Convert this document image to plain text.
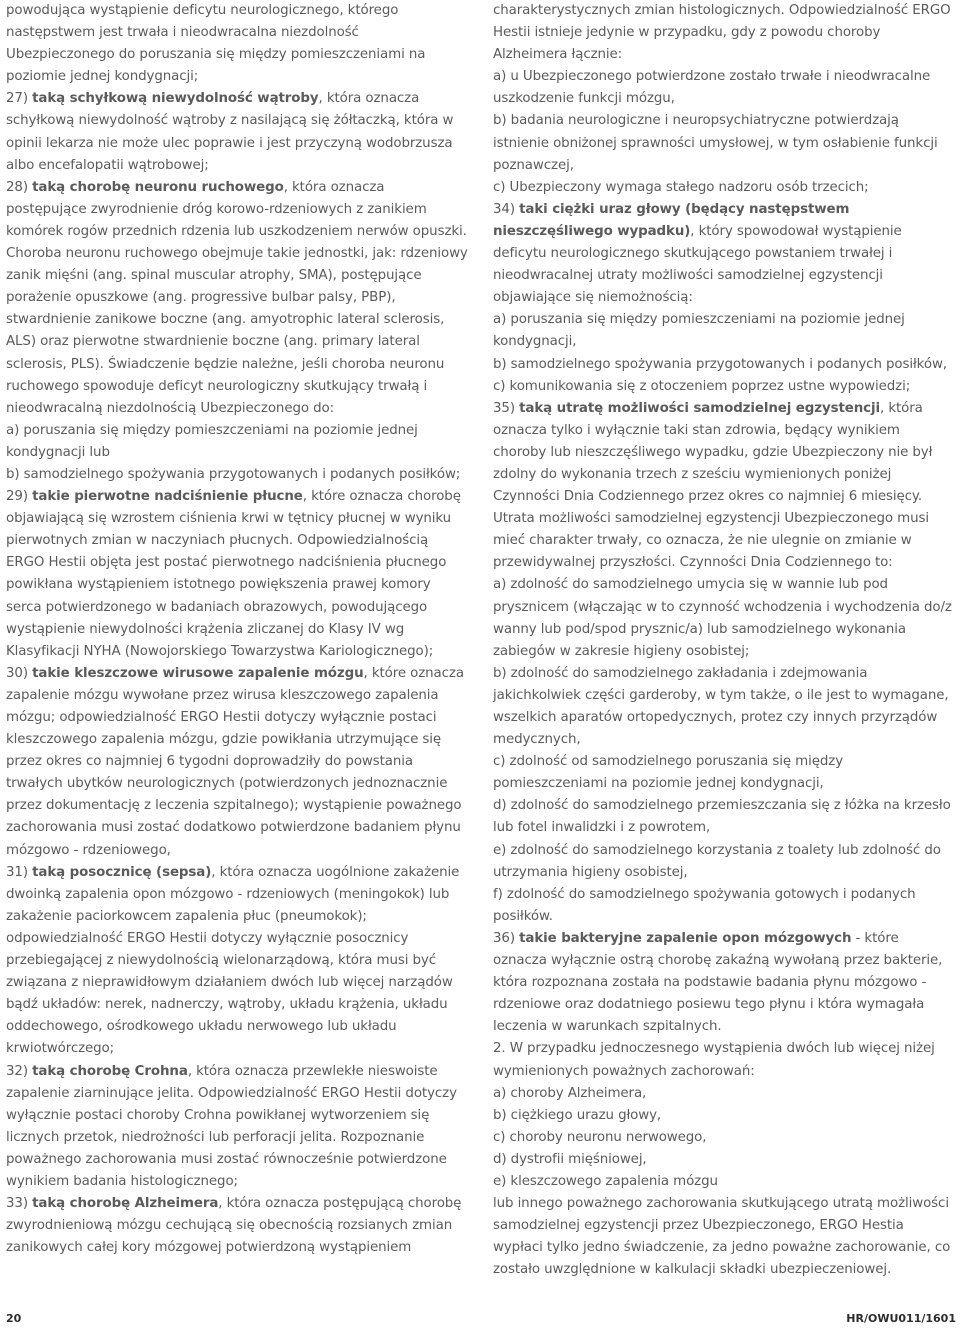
powodująca wystąpienie deficytu neurologicznego, którego następstwem jest trwała i nieodwracalna niezdolność Ubezpieczonego do poruszania się między pomieszczeniami na poziomie jednej kondygnacji;

27) taką schyłkową niewydolność wątroby, która oznacza schyłkową niewydolność wątroby z nasilającą się żółtaczką, która w opinii lekarza nie może ulec poprawie i jest przyczyną wodobrzusza albo encefalopatii wątrobowej;

28) taką chorobę neuronu ruchowego, która oznacza postępujące zwyrodnienie dróg korowo-rdzeniowych z zanikiem komórek rogów przednich rdzenia lub uszkodzeniem nerwów opuszki. Choroba neuronu ruchowego obejmuje takie jednostki, jak: rdzeniowy zanik mięśni (ang. spinal muscular atrophy, SMA), postępujące porażenie opuszkowe (ang. progressive bulbar palsy, PBP), stwardnienie zanikowe boczne (ang. amyotrophic lateral sclerosis, ALS) oraz pierwotne stwardnienie boczne (ang. primary lateral sclerosis, PLS). Świadczenie będzie należne, jeśli choroba neuronu ruchowego spowoduje deficyt neurologiczny skutkujący trwałą i nieodwracalną niezdolnością Ubezpieczonego do:

a) poruszania się między pomieszczeniami na poziomie jednej kondygnacji lub

b) samodzielnego spożywania przygotowanych i podanych posiłków;

29) takie pierwotne nadciśnienie płucne, które oznacza chorobę objawiającą się wzrostem ciśnienia krwi w tętnicy płucnej w wyniku pierwotnych zmian w naczyniach płucnych. Odpowiedzialnością ERGO Hestii objęta jest postać pierwotnego nadciśnienia płucnego powikłana wystąpieniem istotnego powiększenia prawej komory serca potwierdzonego w badaniach obrazowych, powodującego wystąpienie niewydolności krążenia zliczanej do Klasy IV wg Klasyfikacji NYHA (Nowojorskiego Towarzystwa Kariologicznego);

30) takie kleszczowe wirusowe zapalenie mózgu, które oznacza zapalenie mózgu wywołane przez wirusa kleszczowego zapalenia mózgu; odpowiedzialność ERGO Hestii dotyczy wyłącznie postaci kleszczowego zapalenia mózgu, gdzie powikłania utrzymujące się przez okres co najmniej 6 tygodni doprowadziły do powstania trwałych ubytków neurologicznych (potwierdzonych jednoznacznie przez dokumentację z leczenia szpitalnego); wystąpienie poważnego zachorowania musi zostać dodatkowo potwierdzone badaniem płynu mózgowo - rdzeniowego,

31) taką posocznicę (sepsa), która oznacza uogólnione zakażenie dwoinką zapalenia opon mózgowo - rdzeniowych (meningokok) lub zakażenie paciorkowcem zapalenia płuc (pneumokok); odpowiedzialność ERGO Hestii dotyczy wyłącznie posocznicy przebiegającej z niewydolnością wielonarządową, która musi być związana z nieprawidłowym działaniem dwóch lub więcej narządów bądź układów: nerek, nadnerczy, wątroby, układu krążenia, układu oddechowego, ośrodkowego układu nerwowego lub układu krwiotwórczego;

32) taką chorobę Crohna, która oznacza przewlekłe nieswoiste zapalenie ziarninujące jelita. Odpowiedzialność ERGO Hestii dotyczy wyłącznie postaci choroby Crohna powikłanej wytworzeniem się licznych przetok, niedrożności lub perforacji jelita. Rozpoznanie poważnego zachorowania musi zostać równocześnie potwierdzone wynikiem badania histologicznego;

33) taką chorobę Alzheimera, która oznacza postępującą chorobę zwyrodnieniową mózgu cechującą się obecnością rozsianych zmian zanikowych całej kory mózgowej potwierdzoną wystąpieniem

charakterystycznych zmian histologicznych. Odpowiedzialność ERGO Hestii istnieje jedynie w przypadku, gdy z powodu choroby Alzheimera łącznie:

a) u Ubezpieczonego potwierdzone zostało trwałe i nieodwracalne uszkodzenie funkcji mózgu,

b) badania neurologiczne i neuropsychiatryczne potwierdzają istnienie obniżonej sprawności umysłowej, w tym osłabienie funkcji poznawczej,

c) Ubezpieczony wymaga stałego nadzoru osób trzecich;

34) taki ciężki uraz głowy (będący następstwem nieszczęśliwego wypadku), który spowodował wystąpienie deficytu neurologicznego skutkującego powstaniem trwałej i nieodwracalnej utraty możliwości samodzielnej egzystencji objawiające się niemożnością:

a) poruszania się między pomieszczeniami na poziomie jednej kondygnacji,

b) samodzielnego spożywania przygotowanych i podanych posiłków,

c) komunikowania się z otoczeniem poprzez ustne wypowiedzi;

35) taką utratę możliwości samodzielnej egzystencji, która oznacza tylko i wyłącznie taki stan zdrowia, będący wynikiem choroby lub nieszczęśliwego wypadku, gdzie Ubezpieczony nie był zdolny do wykonania trzech z sześciu wymienionych poniżej Czynności Dnia Codziennego przez okres co najmniej 6 miesięcy. Utrata możliwości samodzielnej egzystencji Ubezpieczonego musi mieć charakter trwały, co oznacza, że nie ulegnie on zmianie w przewidywalnej przyszłości. Czynności Dnia Codziennego to:

a) zdolność do samodzielnego umycia się w wannie lub pod prysznicem (włączając w to czynność wchodzenia i wychodzenia do/z wanny lub pod/spod prysznic/a) lub samodzielnego wykonania zabiegów w zakresie higieny osobistej;

b) zdolność do samodzielnego zakładania i zdejmowania jakichkolwiek części garderoby, w tym także, o ile jest to wymagane, wszelkich aparatów ortopedycznych, protez czy innych przyrządów medycznych,

c) zdolność od samodzielnego poruszania się między pomieszczeniami na poziomie jednej kondygnacji,

d) zdolność do samodzielnego przemieszczania się z łóżka na krzesło lub fotel inwalidzki i z powrotem,

e) zdolność do samodzielnego korzystania z toalety lub zdolność do utrzymania higieny osobistej,

f) zdolność do samodzielnego spożywania gotowych i podanych posiłków.

36) takie bakteryjne zapalenie opon mózgowych - które oznacza wyłącznie ostrą chorobę zakaźną wywołaną przez bakterie, która rozpoznana została na podstawie badania płynu mózgowo - rdzeniowe oraz dodatniego posiewu tego płynu i która wymagała leczenia w warunkach szpitalnych.

2. W przypadku jednoczesnego wystąpienia dwóch lub więcej niżej wymienionych poważnych zachorowań:

a) choroby Alzheimera,

b) ciężkiego urazu głowy,

c) choroby neuronu nerwowego,

d) dystrofii mięśniowej,

e) kleszczowego zapalenia mózgu

lub innego poważnego zachorowania skutkującego utratą możliwości samodzielnej egzystencji przez Ubezpieczonego, ERGO Hestia wypłaci tylko jedno świadczenie, za jedno poważne zachorowanie, co zostało uwzględnione w kalkulacji składki ubezpieczeniowej.

20	HR/OWU011/1601
